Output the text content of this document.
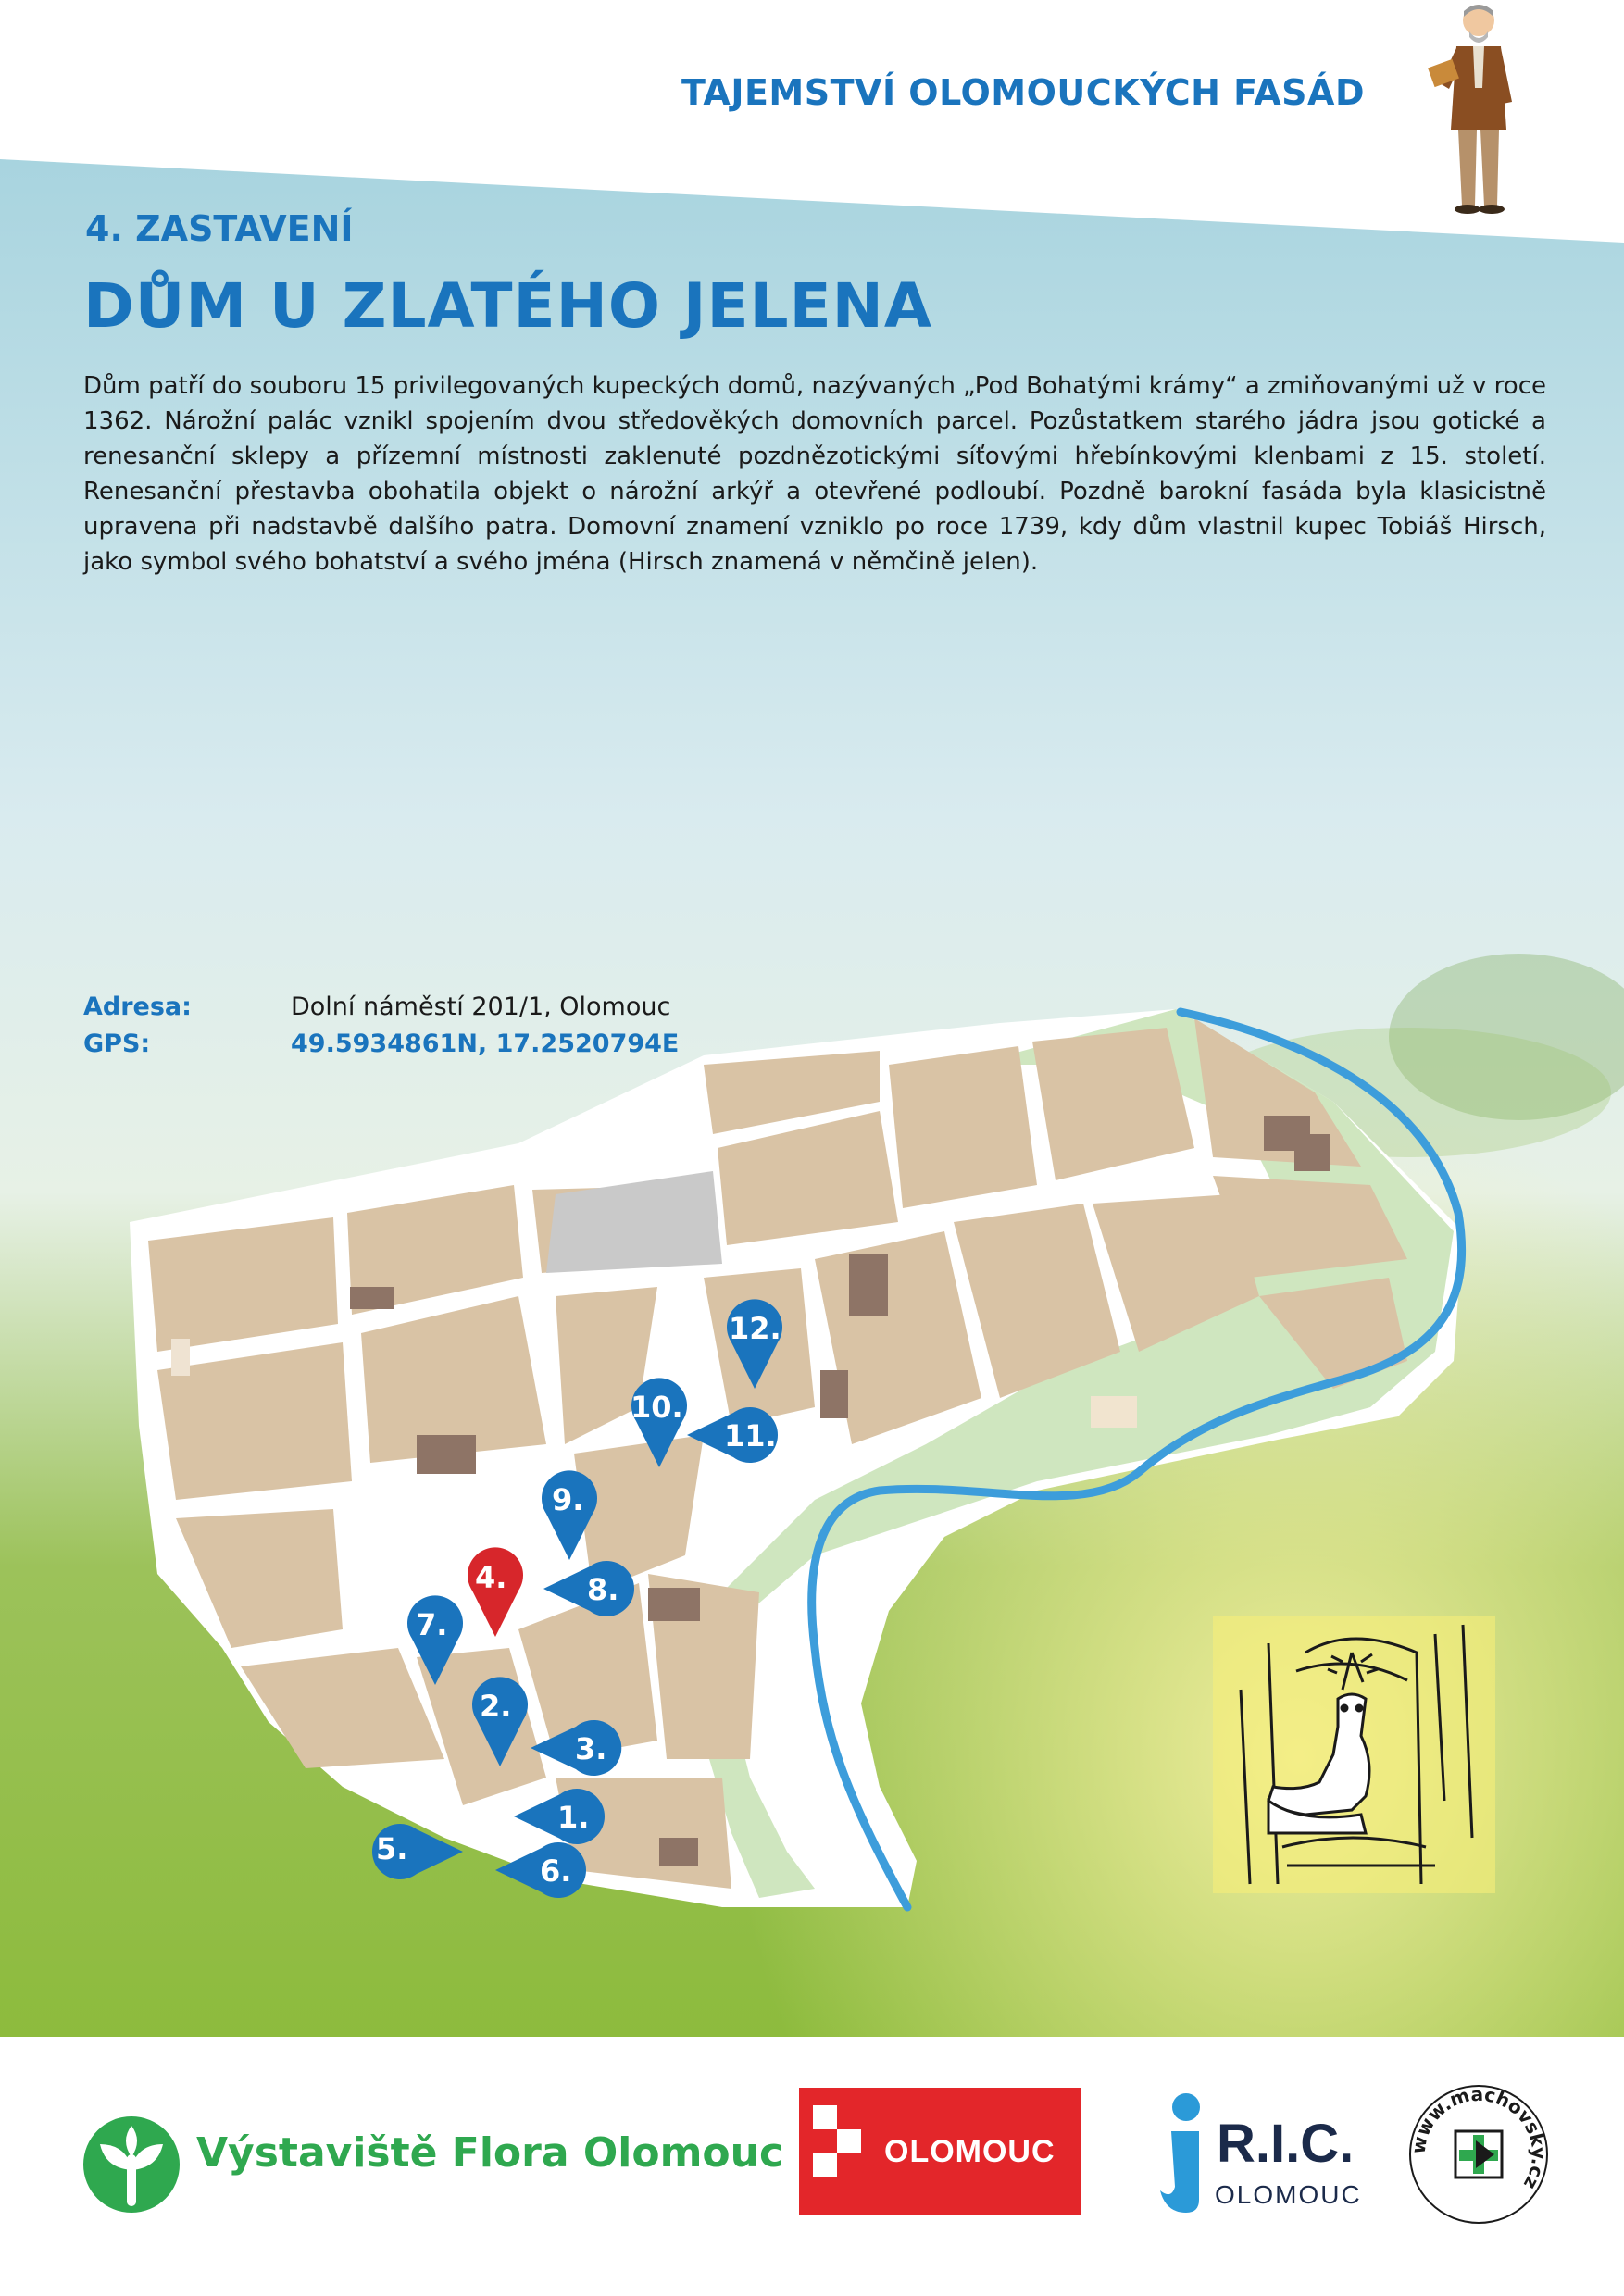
TAJEMSTVÍ OLOMOUCKÝCH FASÁD
4. ZASTAVENÍ
DŮM U ZLATÉHO JELENA
Dům patří do souboru 15 privilegovaných kupeckých domů, nazývaných „Pod Bohatými krámy“ a zmiňovanými už v roce 1362. Nárožní palác vznikl spojením dvou středověkých domovních parcel. Pozůstatkem starého jádra jsou gotické a renesanční sklepy a přízemní místnosti zaklenuté pozdnězotickými síťovými hřebínkovými klenbami z 15. století. Renesanční přestavba obohatila objekt o nárožní arkýř a otevřené podloubí. Pozdně barokní fasáda byla klasicistně upravena při nadstavbě dalšího patra. Domovní znamení vzniklo po roce 1739, kdy dům vlastnil kupec Tobiáš Hirsch, jako symbol svého bohatství a svého jména (Hirsch znamená v němčině jelen).
Adresa:	Dolní náměstí 201/1, Olomouc
GPS:	49.5934861N, 17.2520794E
1.
2.
3.
4.
5.
6.
7.
8.
9.
10.
11.
12.
Výstaviště Flora Olomouc	OLOMOUC	R.I.C.
OLOMOUC
www.machovsky.cz
